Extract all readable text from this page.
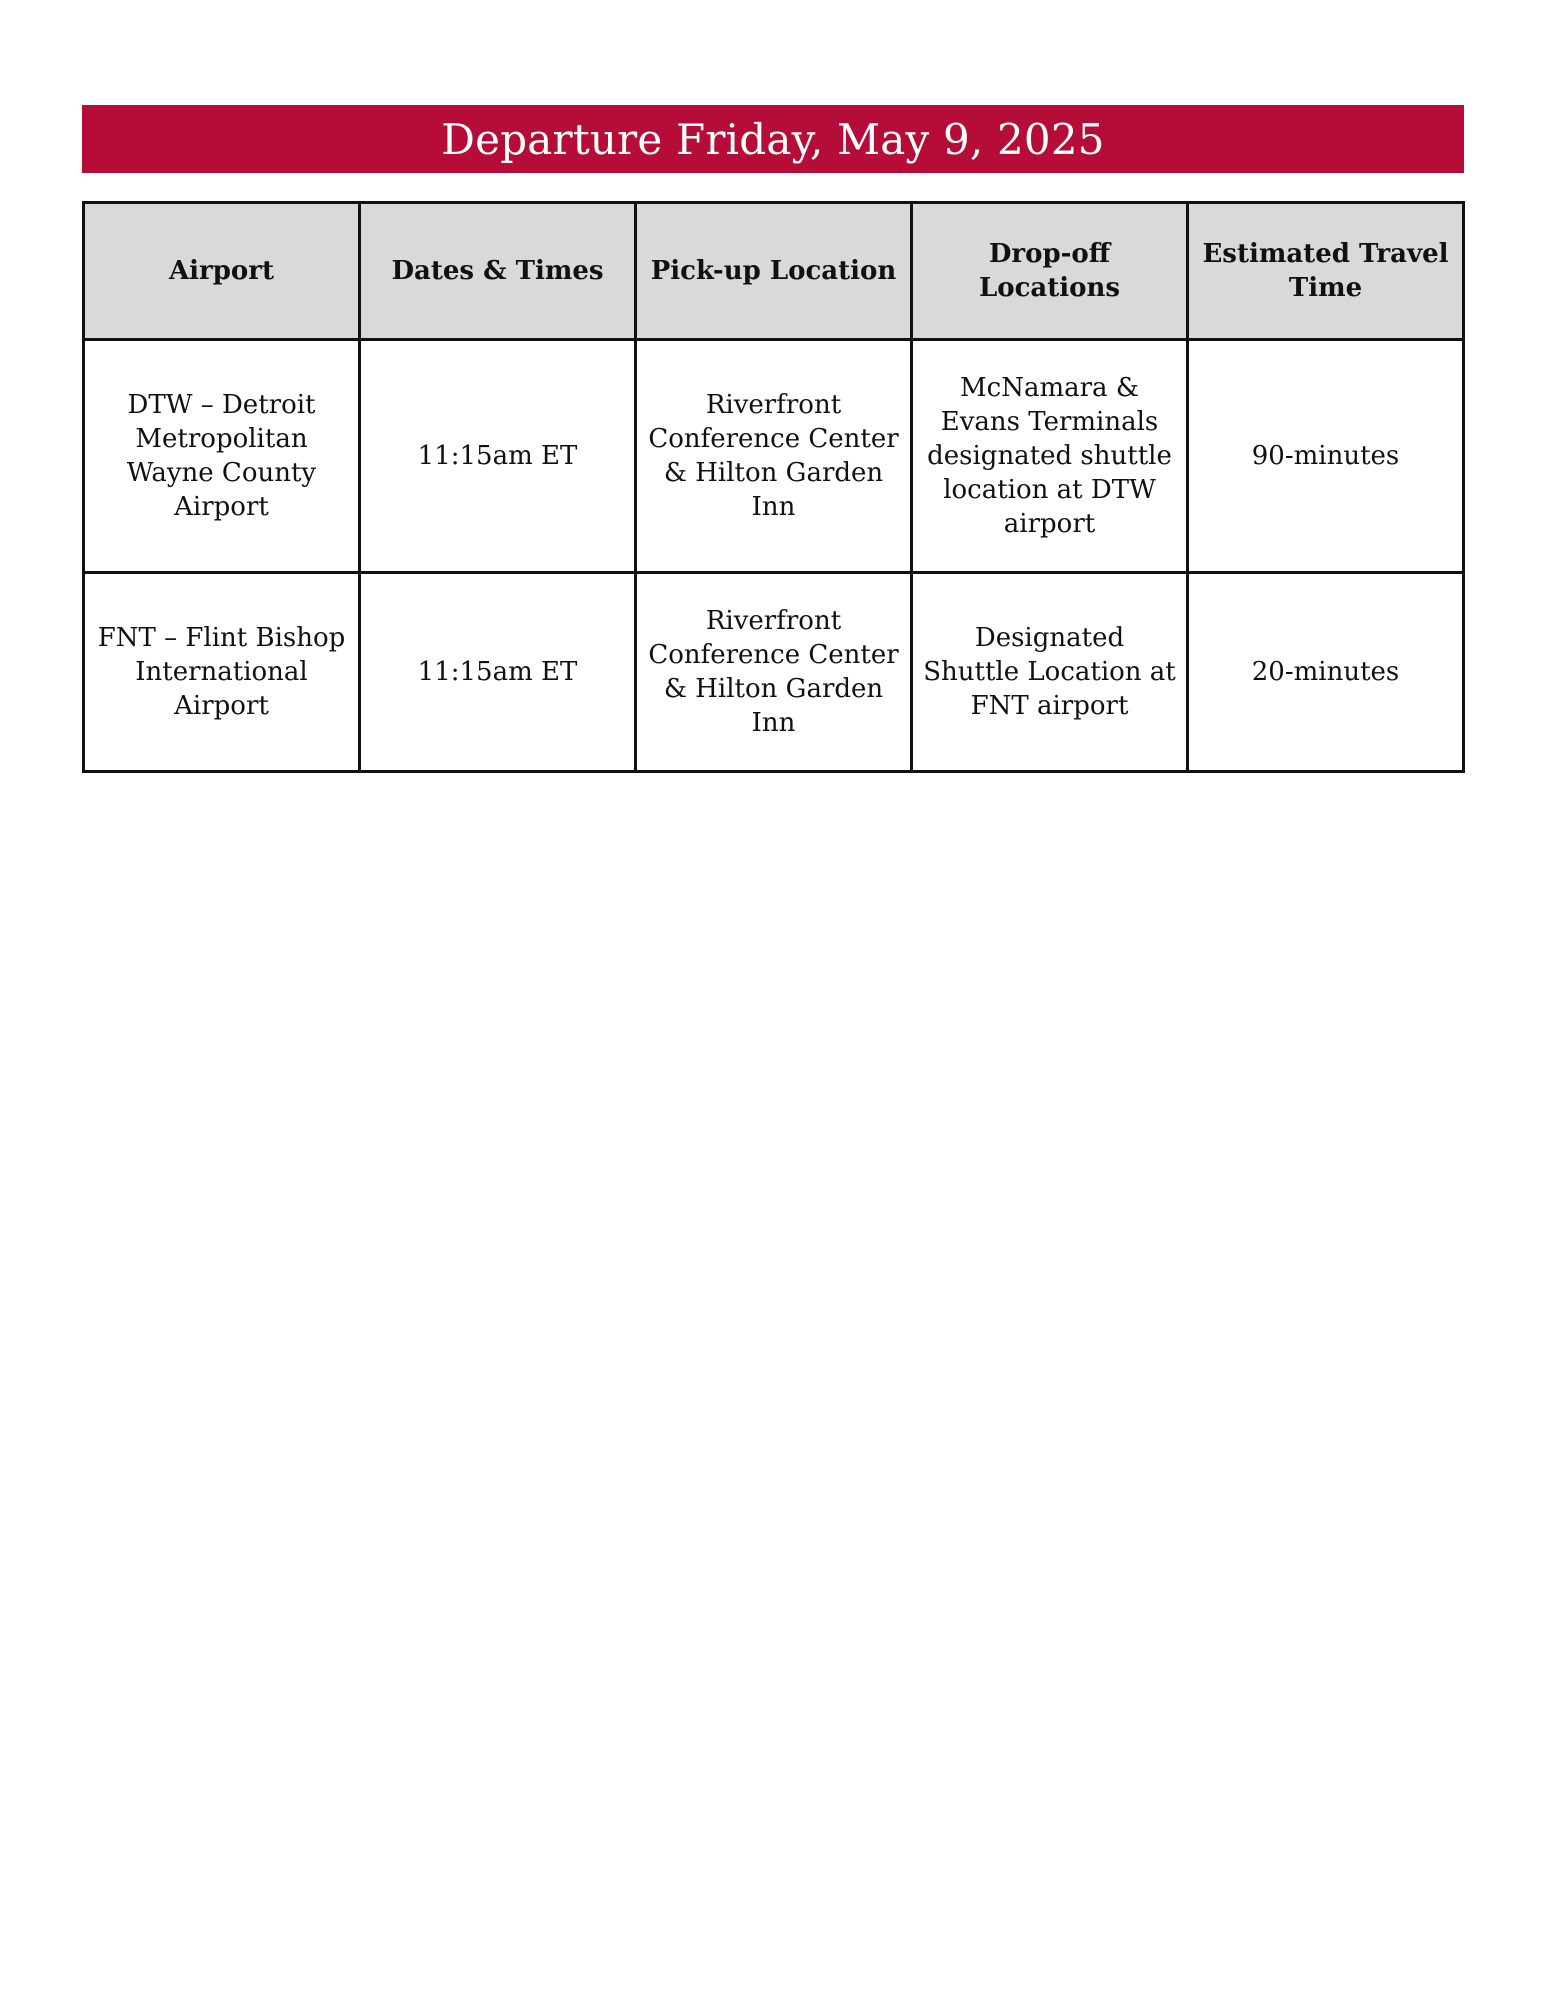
Departure Friday, May 9, 2025
Airport	Dates & Times	Pick-up Location	Drop-off Locations	Estimated Travel Time
DTW – Detroit Metropolitan Wayne County Airport	11:15am ET	Riverfront Conference Center & Hilton Garden Inn	McNamara & Evans Terminals designated shuttle location at DTW airport	90-minutes
FNT – Flint Bishop International Airport	11:15am ET	Riverfront Conference Center & Hilton Garden Inn	Designated Shuttle Location at FNT airport	20-minutes
